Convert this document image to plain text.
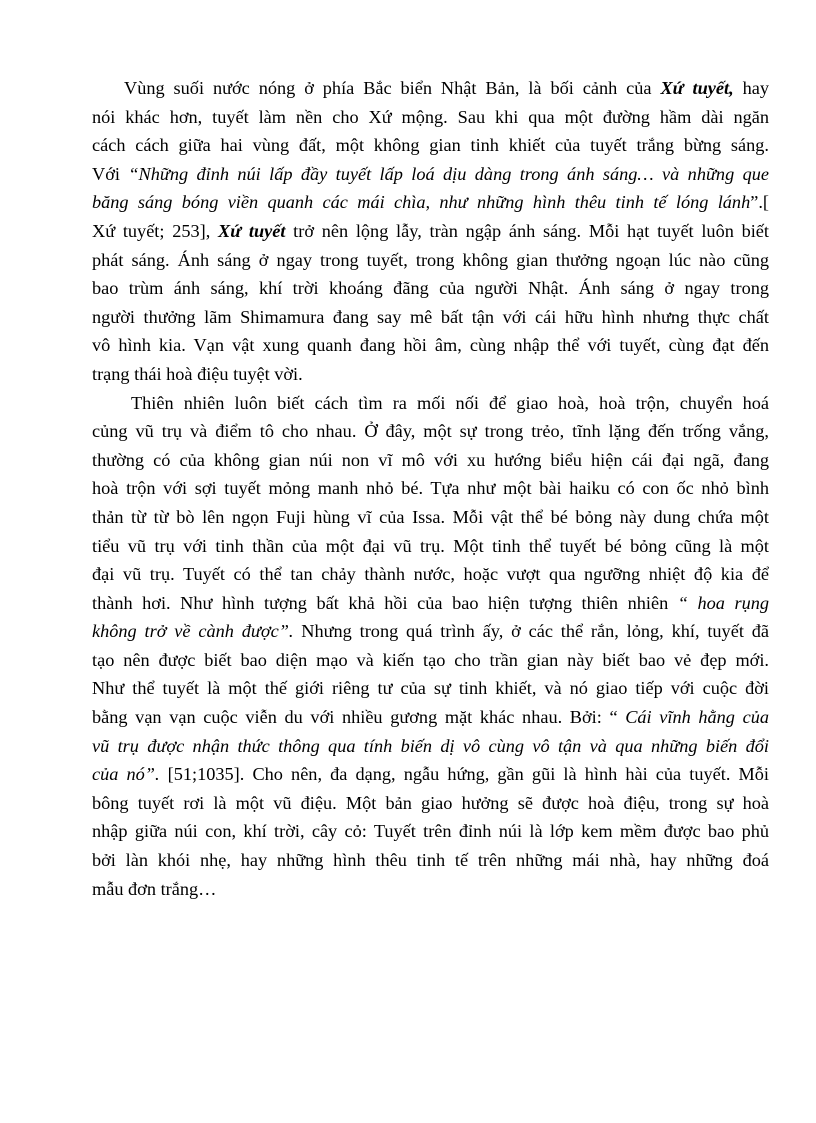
Vùng suối nước nóng ở phía Bắc biển Nhật Bản, là bối cảnh của Xứ tuyết, hay
nói khác hơn, tuyết làm nền cho Xứ mộng. Sau khi qua một đường hầm dài ngăn
cách cách giữa hai vùng đất, một không gian tinh khiết của tuyết trắng bừng sáng.
Với “Những đỉnh núi lấp đầy tuyết lấp loá dịu dàng trong ánh sáng… và những que
băng sáng bóng viền quanh các mái chìa, như những hình thêu tinh tế lóng lánh”.[
Xứ tuyết; 253], Xứ tuyết trở nên lộng lẫy, tràn ngập ánh sáng. Mỗi hạt tuyết luôn biết
phát sáng. Ánh sáng ở ngay trong tuyết, trong không gian thưởng ngoạn lúc nào cũng
bao trùm ánh sáng, khí trời khoáng đãng của người Nhật. Ánh sáng ở ngay trong
người thưởng lãm Shimamura đang say mê bất tận với cái hữu hình nhưng thực chất
vô hình kia. Vạn vật xung quanh đang hồi âm, cùng nhập thể với tuyết, cùng đạt đến
trạng thái hoà điệu tuyệt vời.

Thiên nhiên luôn biết cách tìm ra mối nối để giao hoà, hoà trộn, chuyển hoá
củng vũ trụ và điểm tô cho nhau. Ở đây, một sự trong trẻo, tĩnh lặng đến trống vắng,
thường có của không gian núi non vĩ mô với xu hướng biểu hiện cái đại ngã, đang
hoà trộn với sợi tuyết mỏng manh nhỏ bé. Tựa như một bài haiku có con ốc nhỏ bình
thản từ từ bò lên ngọn Fuji hùng vĩ của Issa. Mỗi vật thể bé bỏng này dung chứa một
tiểu vũ trụ với tinh thần của một đại vũ trụ. Một tinh thể tuyết bé bỏng cũng là một
đại vũ trụ. Tuyết có thể tan chảy thành nước, hoặc vượt qua ngưỡng nhiệt độ kia để
thành hơi. Như hình tượng bất khả hồi của bao hiện tượng thiên nhiên “ hoa rụng
không trở về cành được”. Nhưng trong quá trình ấy, ở các thể rắn, lỏng, khí, tuyết đã
tạo nên được biết bao diện mạo và kiến tạo cho trần gian này biết bao vẻ đẹp mới.
Như thể tuyết là một thế giới riêng tư của sự tinh khiết, và nó giao tiếp với cuộc đời
bằng vạn vạn cuộc viễn du với nhiều gương mặt khác nhau. Bởi: “ Cái vĩnh hằng của
vũ trụ được nhận thức thông qua tính biến dị vô cùng vô tận và qua những biến đổi
của nó”. [51;1035]. Cho nên, đa dạng, ngẫu hứng, gần gũi là hình hài của tuyết. Mỗi
bông tuyết rơi là một vũ điệu. Một bản giao hưởng sẽ được hoà điệu, trong sự hoà
nhập giữa núi con, khí trời, cây cỏ: Tuyết trên đỉnh núi là lớp kem mềm được bao phủ
bởi làn khói nhẹ, hay những hình thêu tinh tế trên những mái nhà, hay những đoá
mẫu đơn trắng…
